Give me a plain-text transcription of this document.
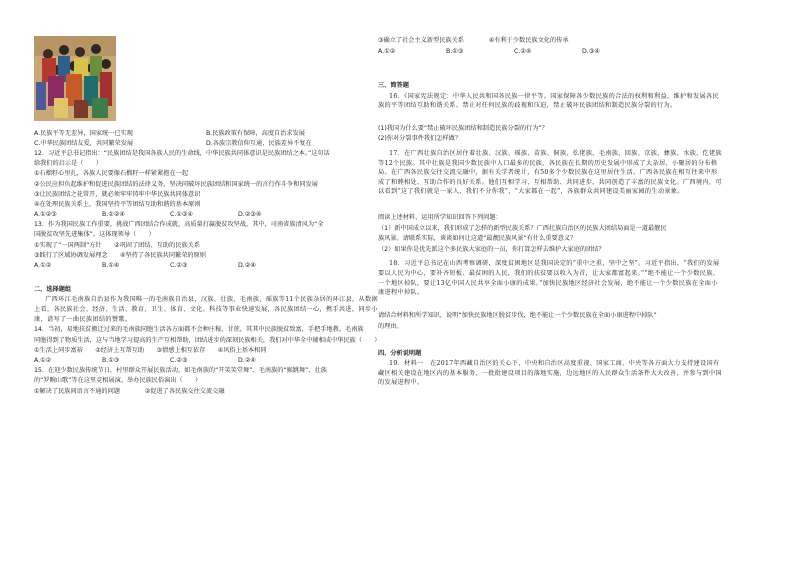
A.民族平等无差异，国家统一已实现	B.民族政策有保障，高度自治求发展
C.中华民族团结友爱，共同繁荣发展	D.各族宗教信仰互通，民族差异不复在
12．习近平总书记指出：“民族团结是我国各族人民的生命线，中华民族共同体意识是民族团结之本。”这句话
给我们的启示是（　　）
①石榴籽心里扎，各族人民要像石榴籽一样紧紧抱在一起
②公民应担负起维护和促进民族团结的法律义务，坚决同破坏民族团结和国家统一的言行作斗争和同发展
③让民族团结之花常开，就必须牢牢铸牢中华民族共同体意识
④在处理民族关系上，我国坚持平等团结互助和谐的基本原则
A.①②③	B.①②④	C.①③④	D.②③④
13．作为我国民族工作重要，挑战广西团结合作成就，高质量打赢脱贫攻坚战，其中，司南省族清风为“全
国脱贫攻坚先进集体”。这体现领导（　　）
①实现了“一国两制”方针　　②巩固了团结、互助的民族关系
③践行了区域协调发展理念　　④坚持了各民族共同繁荣的原则
A.①②	B.①④	C.②③	D.②④
二、选择题组
广西环江毛南族自治县作为我国唯一的毛南族自治县，汉族、壮族、毛南族、瑶族等11个民族杂居的环江县，从数据上看，各民族社会、经济、生活、教育、卫生、体育、文化、科技等事业快速发展，各民族团结一心，携手共进，同步小康，谱写了一曲民族团结的赞歌。
14．当初，易地扶贫搬迁过来的毛南族同胞生活各方面都不会种庄稼，甘蔗，其其中民族脱贫致富，手把手地教。毛南族
同胞得到了物质生活，这与当地学习提高的生产互相帮助，团结进步的深刻民族相关，我们对中华全中辅相成中华民族（　　）
①生活上同步富裕　　②经济上互帮互助　　③情感上相互依存　　④风俗上基本相同
A.①②	B.①③	C.②③	D.②④
15．在迎少数民族传统节日，村里群众开展民族活动，如毛南族的“开笑笑堂舞”、毛南族的“猴跳舞”、壮族
的“罗畹山歌”等在这里竞相展演、举办民族民俗演出（　　）
①解决了民族间语言不通的问题　　　　②促进了各民族交往交流交融
③确立了社会主义新型民族关系　　　　④有利于少数民族文化的传承
A.①②	B.①③	C.②④	D.③④
三、简答题
16．《国家宪法规定：中华人民共和国各民族一律平等。国家保障各少数民族的合法的权利和利益，维护和发展各民族的平等团结互助和谐关系。禁止对任何民族的歧视和压迫，禁止破坏民族团结和制造民族分裂的行为。
(1)我国为什么要“禁止破坏民族团结和制造民族分裂的行为”？
(2)你对分裂事件我们怎样做？
17．在广西壮族自治区居住着壮族、汉族、瑶族、苗族、侗族、仫佬族、毛南族、回族、京族、彝族、水族、仡佬族等12个民族。其中壮族是我国少数民族中人口最多的民族，各民族在长期的历史发展中形成了大杂居、小聚居的分布格局。在广西各民族交往交流交融中，据有关学者统计，有50多个少数民族在这里居住生活。广西各民族在相互往来中形成了和睦相处、互助合作的良好关系。他们互相学习、互相帮助、共同进步，共同创造了丰富的民族文化。广西境内，可以看到“这了我们就是一家人，我们不分你我”，“大家都在一起”，各族群众共同建设美丽家园的生动景象。
阅读上述材料，运用所学知识回答下列问题：
（1）新中国成立以来，我们形成了怎样的新型民族关系？广西壮族自治区的民族大团结局面是一道最靓民
族风景。请联系实际，谈谈如何让这道“最靓民族风景”有什么重要意义？
（2）如果你是优先派这个多民族大家庭的一员，你打算怎样去维护大家庭的团结？
18．习近平总书记在山西考察调研，深度贫困地区是我国决定的“重中之重，坚中之坚”。习近平指出，“我们的发展要以人民为中心，要补齐短板、最贫困的人民，我们的扶贫要以收入为首，让大家都富起来。”“绝不能让一个少数民族、一个地区掉队，要让13亿中国人民共享全面小康的成果。”加快民族地区经济社会发展，绝不能让一个少数民族在全面小康进程中掉队。
请结合材料和所学知识，说明“加快民族地区脱贫步伐，绝不能让一个少数民族在全面小康进程中掉队”
的理由。
四、分析说明题
19．材料一　在2017年西藏自治区的关心下，中央和自治区高度重视、国家工商、中央等各方面大力支持建设国有藏区相关建设在地区内的基本服务，一批批建设项目的落地实施，边远地区的人民群众生活条件大大改善，并参与到中国的发展进程中。
